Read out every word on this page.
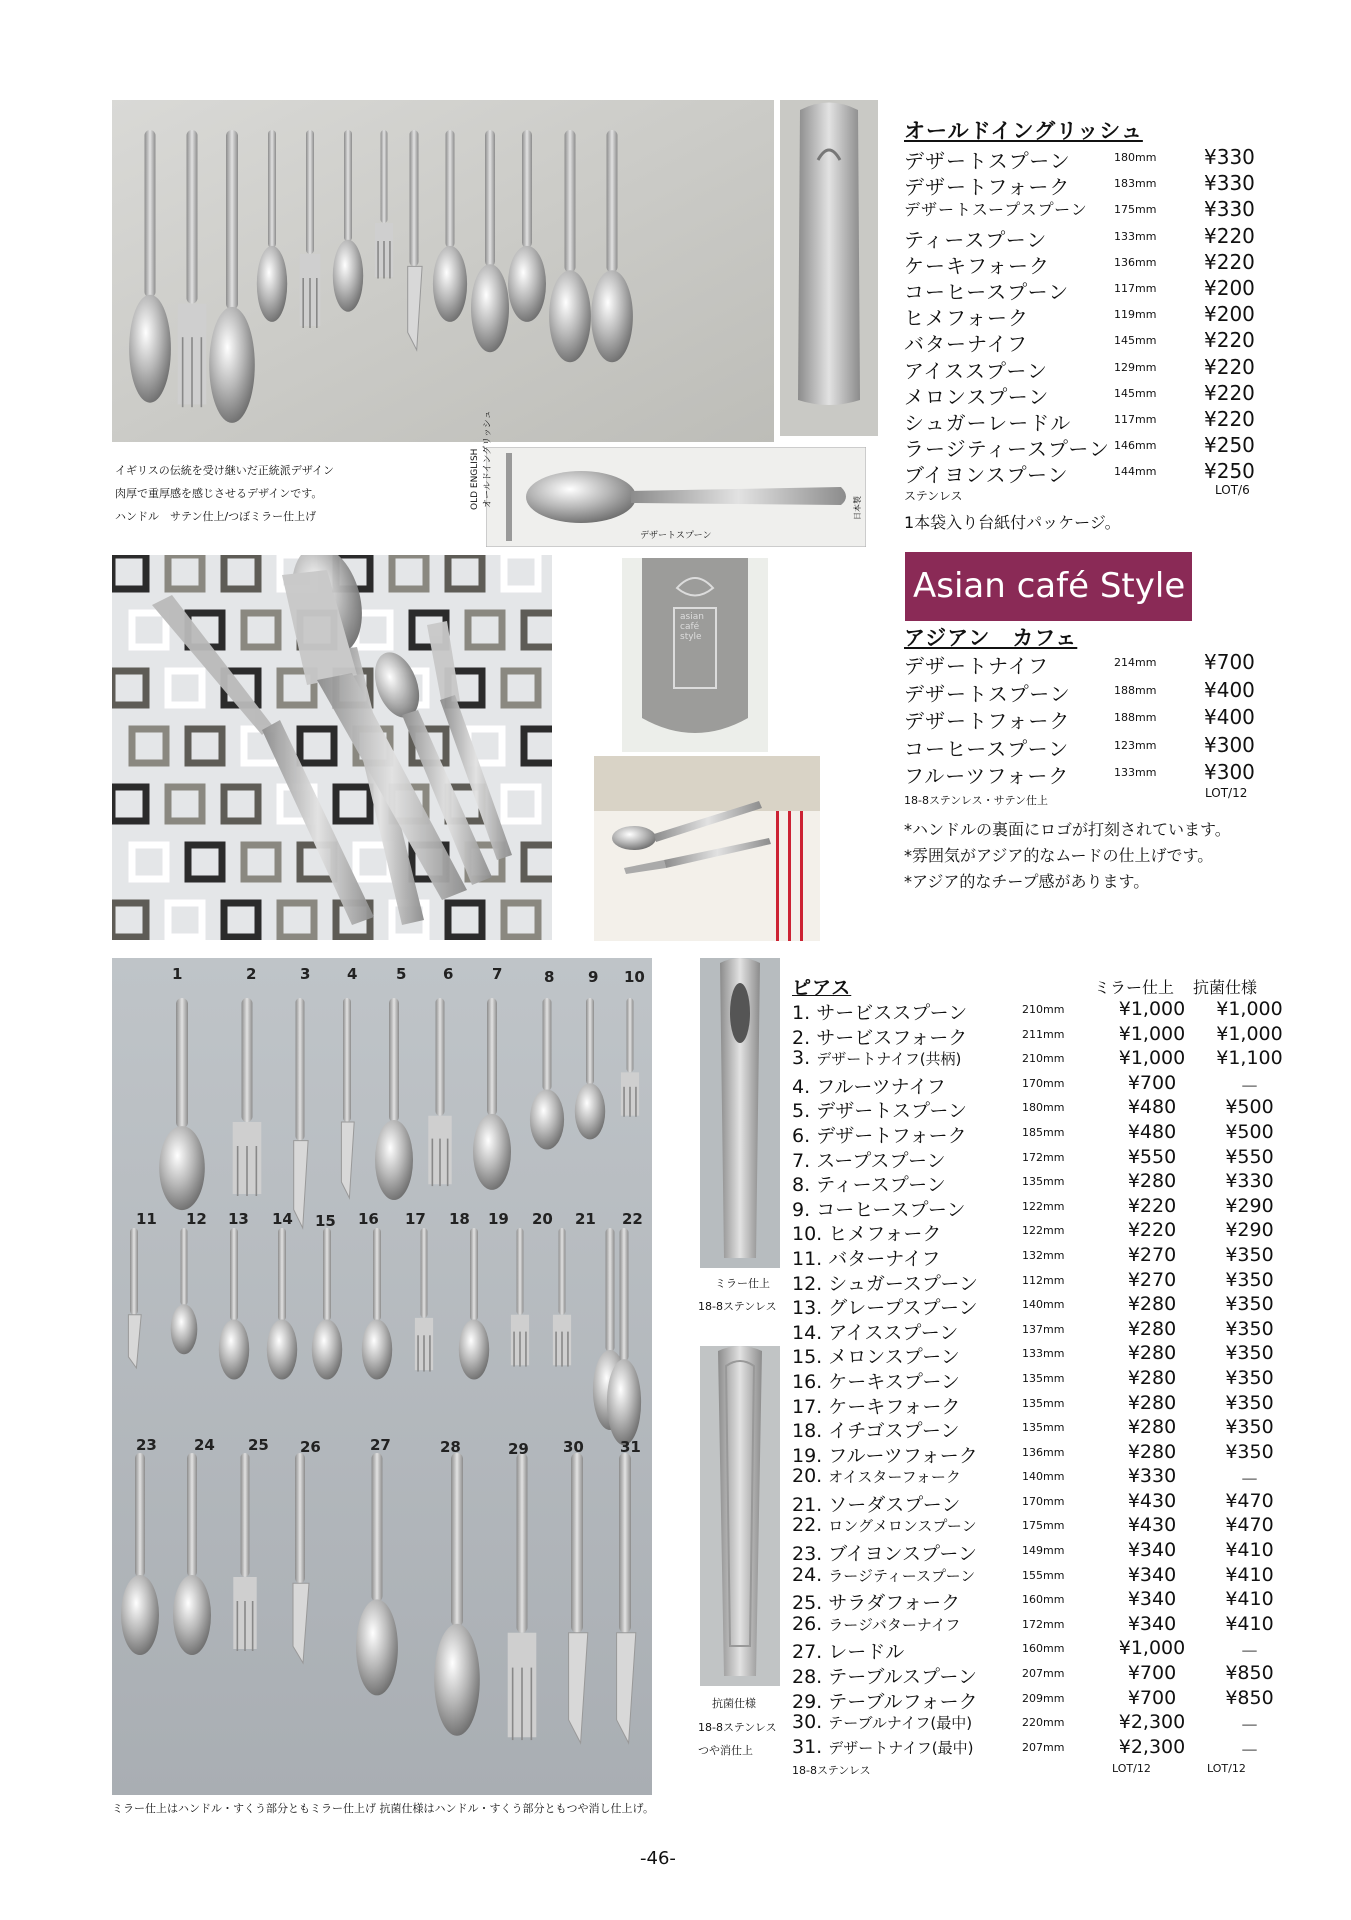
OLD ENGLISH オールドイングリッシュ
デザートスプーン
日本製
イギリスの伝統を受け継いだ正統派デザイン
肉厚で重厚感を感じさせるデザインです。
ハンドル　サテン仕上/つぼミラー仕上げ
オールドイングリッシュ
デザートスプーン	180mm ¥330
デザートフォーク	183mm ¥330
デザートスープスプーン 175mm ¥330
ティースプーン	133mm ¥220
ケーキフォーク	136mm ¥220
コーヒースプーン	117mm ¥200
ヒメフォーク	119mm ¥200
バターナイフ	145mm ¥220
アイススプーン	129mm ¥220
メロンスプーン	145mm ¥220
シュガーレードル	117mm ¥220
ラージティースプーン 146mm ¥250
ブイヨンスプーン	144mm ¥250
ステンレス	LOT/6
1本袋入り台紙付パッケージ。
asian café style
Asian café Style
アジアン　カフェ
デザートナイフ	214mm ¥700
デザートスプーン	188mm ¥400
デザートフォーク	188mm ¥400
コーヒースプーン	123mm ¥300
フルーツフォーク	133mm ¥300
18-8ステンレス・サテン仕上
LOT/12
*ハンドルの裏面にロゴが打刻されています。
*雰囲気がアジア的なムードの仕上げです。
*アジア的なチープ感があります。
1	2	3 4	5 6	7	8 9 10
11 12 13 14 15 16 17 18 19 20 21 22
23 24 25 26	27	28	29 30 31
ミラー仕上
18-8ステンレス
抗菌仕様
18-8ステンレス
つや消仕上
ピアス	ミラー仕上 抗菌仕様
1. サービススプーン	210mm	¥1,000	¥1,000
2. サービスフォーク	211mm	¥1,000	¥1,000
3. デザートナイフ(共柄)	210mm	¥1,000	¥1,100
4. フルーツナイフ	170mm	¥700	－
5. デザートスプーン	180mm	¥480	¥500
6. デザートフォーク	185mm	¥480	¥500
7. スープスプーン	172mm	¥550	¥550
8. ティースプーン	135mm	¥280	¥330
9. コーヒースプーン	122mm	¥220	¥290
10. ヒメフォーク	122mm	¥220	¥290
11. バターナイフ	132mm	¥270	¥350
12. シュガースプーン	112mm	¥270	¥350
13. グレープスプーン	140mm	¥280	¥350
14. アイススプーン	137mm	¥280	¥350
15. メロンスプーン	133mm	¥280	¥350
16. ケーキスプーン	135mm	¥280	¥350
17. ケーキフォーク	135mm	¥280	¥350
18. イチゴスプーン	135mm	¥280	¥350
19. フルーツフォーク	136mm	¥280	¥350
20. オイスターフォーク	140mm	¥330	－
21. ソーダスプーン	170mm	¥430	¥470
22. ロングメロンスプーン	175mm	¥430	¥470
23. ブイヨンスプーン	149mm	¥340	¥410
24. ラージティースプーン	155mm	¥340	¥410
25. サラダフォーク	160mm	¥340	¥410
26. ラージバターナイフ	172mm	¥340	¥410
27. レードル	160mm	¥1,000	－
28. テーブルスプーン	207mm	¥700	¥850
29. テーブルフォーク	209mm	¥700	¥850
30. テーブルナイフ(最中)	220mm	¥2,300	－
31. デザートナイフ(最中)	207mm	¥2,300	－
18-8ステンレス	LOT/12	LOT/12
ミラー仕上はハンドル・すくう部分ともミラー仕上げ 抗菌仕様はハンドル・すくう部分ともつや消し仕上げ。
-46-
